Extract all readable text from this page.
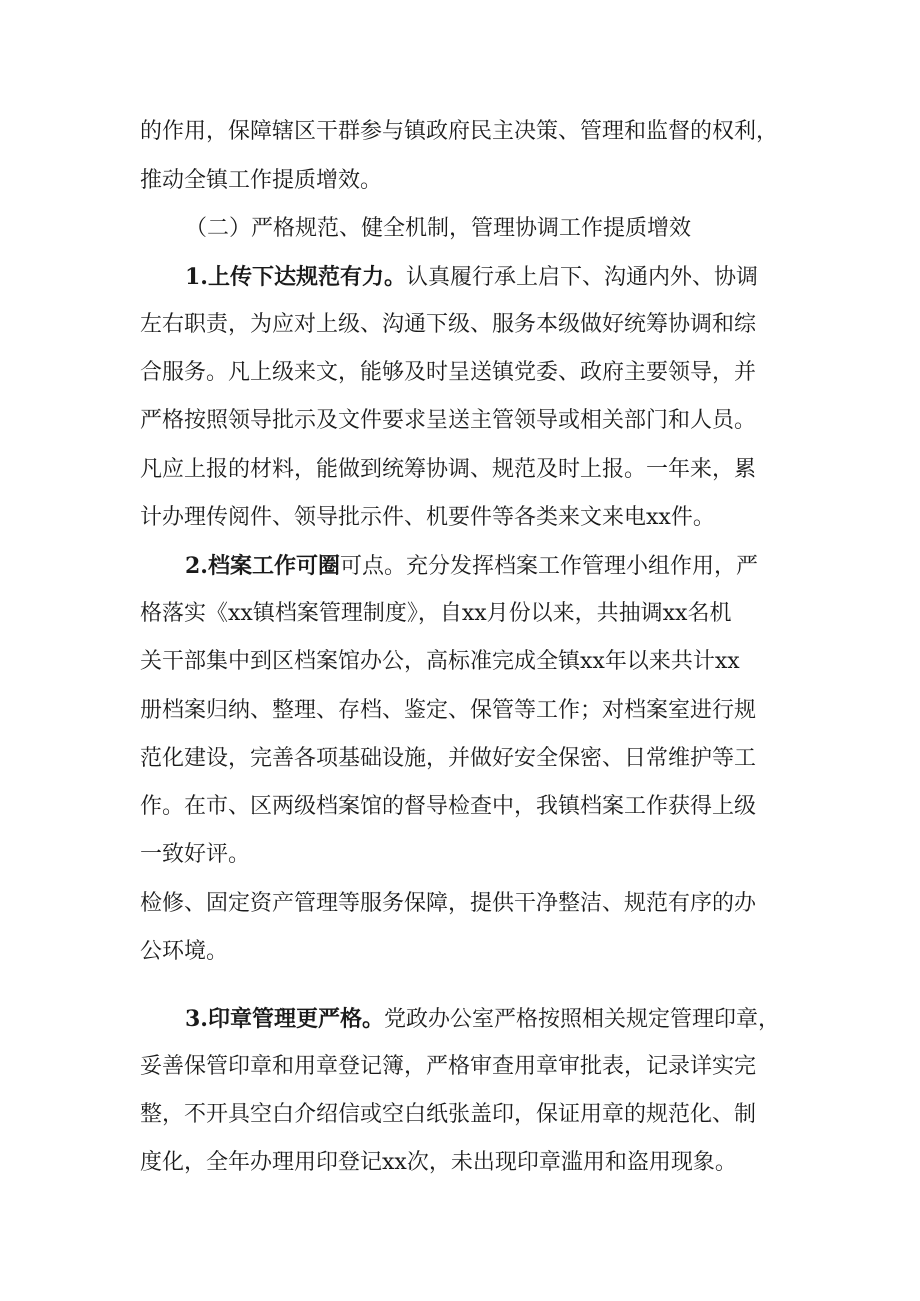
的作用，保障辖区干群参与镇政府民主决策、管理和监督的权利，
推动全镇工作提质增效。
（二）严格规范、健全机制，管理协调工作提质增效
1.上传下达规范有力。认真履行承上启下、沟通内外、协调
左右职责，为应对上级、沟通下级、服务本级做好统筹协调和综
合服务。凡上级来文，能够及时呈送镇党委、政府主要领导，并
严格按照领导批示及文件要求呈送主管领导或相关部门和人员。
凡应上报的材料，能做到统筹协调、规范及时上报。一年来，累
计办理传阅件、领导批示件、机要件等各类来文来电xx件。
2.档案工作可圈可点。充分发挥档案工作管理小组作用，严
格落实《xx镇档案管理制度》，自xx月份以来，共抽调xx名机
关干部集中到区档案馆办公，高标准完成全镇xx年以来共计xx
册档案归纳、整理、存档、鉴定、保管等工作；对档案室进行规
范化建设，完善各项基础设施，并做好安全保密、日常维护等工
作。在市、区两级档案馆的督导检查中，我镇档案工作获得上级
一致好评。
检修、固定资产管理等服务保障，提供干净整洁、规范有序的办
公环境。
3.印章管理更严格。党政办公室严格按照相关规定管理印章，
妥善保管印章和用章登记簿，严格审查用章审批表，记录详实完
整，不开具空白介绍信或空白纸张盖印，保证用章的规范化、制
度化，全年办理用印登记xx次，未出现印章滥用和盗用现象。
